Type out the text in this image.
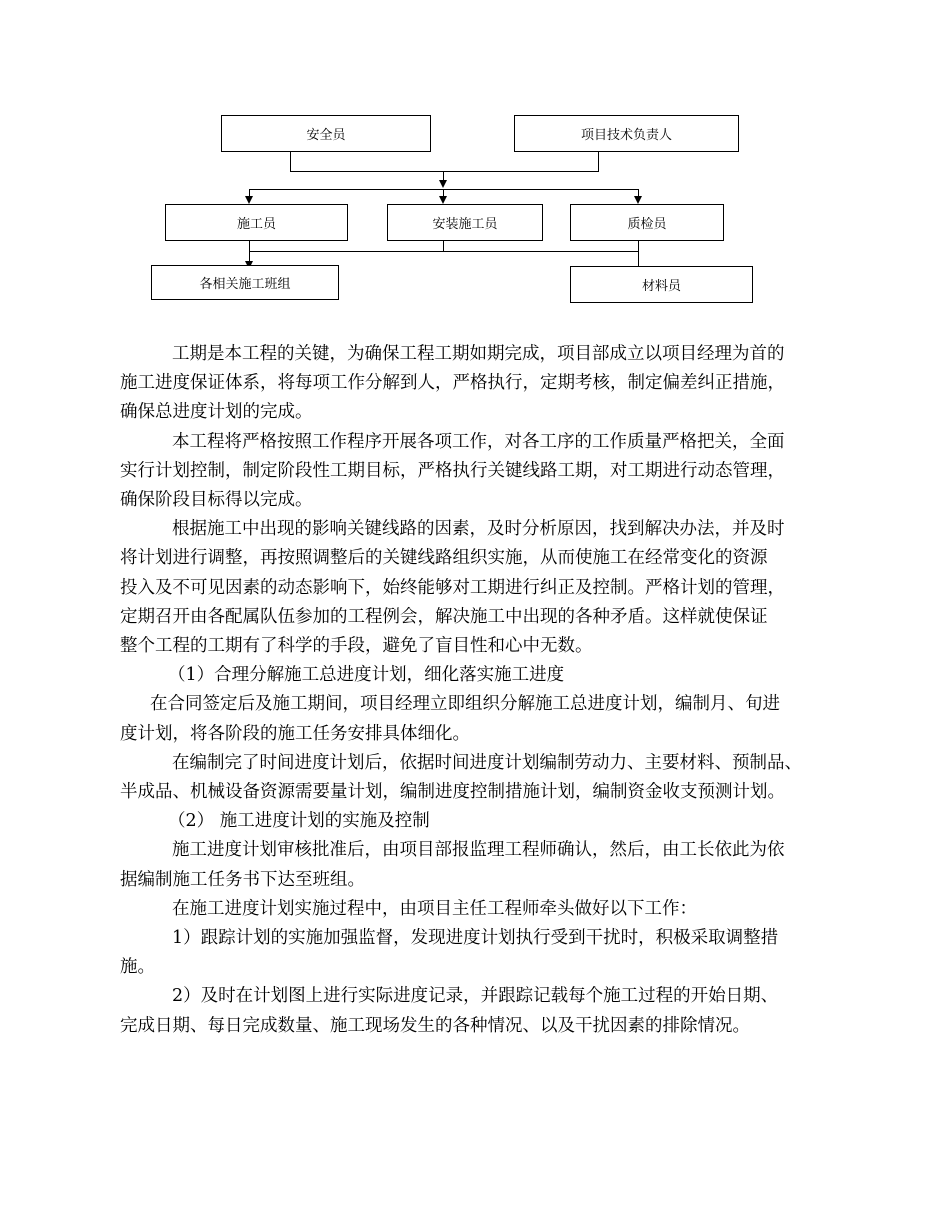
安全员	项目技术负责人
施工员	安装施工员	质检员
各相关施工班组	材料员

工期是本工程的关键，为确保工程工期如期完成，项目部成立以项目经理为首的

施工进度保证体系，将每项工作分解到人，严格执行，定期考核，制定偏差纠正措施，

确保总进度计划的完成。

本工程将严格按照工作程序开展各项工作，对各工序的工作质量严格把关，全面

实行计划控制，制定阶段性工期目标，严格执行关键线路工期，对工期进行动态管理，

确保阶段目标得以完成。

根据施工中出现的影响关键线路的因素，及时分析原因，找到解决办法，并及时

将计划进行调整，再按照调整后的关键线路组织实施，从而使施工在经常变化的资源

投入及不可见因素的动态影响下，始终能够对工期进行纠正及控制。严格计划的管理，

定期召开由各配属队伍参加的工程例会，解决施工中出现的各种矛盾。这样就使保证

整个工程的工期有了科学的手段，避免了盲目性和心中无数。

（1）合理分解施工总进度计划，细化落实施工进度

在合同签定后及施工期间，项目经理立即组织分解施工总进度计划，编制月、旬进

度计划，将各阶段的施工任务安排具体细化。

在编制完了时间进度计划后，依据时间进度计划编制劳动力、主要材料、预制品、

半成品、机械设备资源需要量计划，编制进度控制措施计划，编制资金收支预测计划。

（2） 施工进度计划的实施及控制

施工进度计划审核批准后，由项目部报监理工程师确认，然后，由工长依此为依

据编制施工任务书下达至班组。

在施工进度计划实施过程中，由项目主任工程师牵头做好以下工作：

1）跟踪计划的实施加强监督，发现进度计划执行受到干扰时，积极采取调整措

施。

2）及时在计划图上进行实际进度记录，并跟踪记载每个施工过程的开始日期、

完成日期、每日完成数量、施工现场发生的各种情况、以及干扰因素的排除情况。
